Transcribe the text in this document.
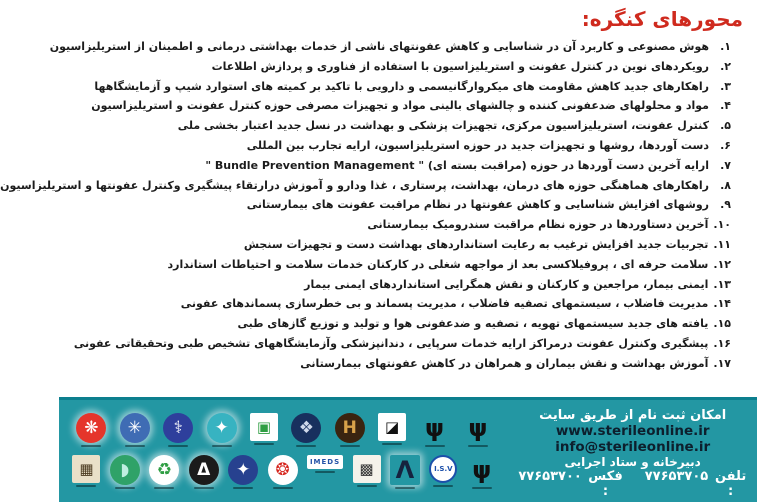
محورهای کنگره:
۱.
هوش مصنوعی و کاربرد آن در شناسایی و کاهش عفونتهای ناشی از خدمات بهداشتی درمانی و اطمینان از استریلیزاسیون
۲.
رویکردهای نوین در کنترل عفونت و استریلیزاسیون با استفاده از فناوری و پردازش اطلاعات
۳.
راهکارهای جدید کاهش مقاومت های میکروارگانیسمی و دارویی با تاکید بر کمیته های استوارد شیپ و آزمایشگاهها
۴.
مواد و محلولهای ضدعفونی کننده و چالشهای بالینی مواد و تجهیزات مصرفی حوزه کنترل عفونت و استریلیزاسیون
۵.
کنترل عفونت، استریلیزاسیون مرکزی، تجهیزات پزشکی و بهداشت در نسل جدید اعتبار بخشی ملی
۶.
دست آوردها، روشها و تجهیزات جدید در حوزه استریلیزاسیون، ارایه تجارب بین المللی
۷.
ارایه آخرین دست آوردها در حوزه (مراقبت بسته ای) " Bundle Prevention Management "
۸.
راهکارهای هماهنگی حوزه های درمان، بهداشت، پرستاری ، غذا ودارو و آموزش درارتقاء پیشگیری وکنترل عفونتها و استریلیزاسیون
۹.
روشهای افزایش شناسایی و کاهش عفونتها در نظام مراقبت عفونت های بیمارستانی
۱۰.
آخرین دستاوردها در حوزه نظام مراقبت سندرومیک بیمارستانی
۱۱.
تجربیات جدید افزایش ترغیب به رعایت استانداردهای بهداشت دست و تجهیزات سنجش
۱۲.
سلامت حرفه ای ، پروفیلاکسی بعد از مواجهه شغلی در کارکنان خدمات سلامت و احتیاطات استاندارد
۱۳.
ایمنی بیمار، مراجعین و کارکنان و نقش همگرایی استانداردهای ایمنی بیمار
۱۴.
مدیریت فاضلاب ، سیستمهای تصفیه فاضلاب ، مدیریت پسماند و بی خطرسازی پسماندهای عفونی
۱۵.
یافته های جدید سیستمهای تهویه ، تصفیه و ضدعفونی هوا و تولید و توزیع گازهای طبی
۱۶.
پیشگیری وکنترل عفونت درمراکز ارایه خدمات سرپایی ، دندانپزشکی وآزمایشگاههای تشخیص طبی وتحقیقاتی عفونی
۱۷.
آموزش بهداشت و نقش بیماران و همراهان در کاهش عفونتهای بیمارستانی
امکان ثبت نام از طریق سایت
www.sterileonline.ir
info@sterileonline.ir
دبیرخانه و ستاد اجرایی
تلفن :
۷۷۶۵۳۷۰۵
فکس :
۷۷۶۵۳۷۰۰
❋	✳	⚕	✦	▣	❖	H	◪ ψ ψ
▦	◗	♻	Δ	✦	❂	IMEDS	▩ Λ	I.S.V ψ
